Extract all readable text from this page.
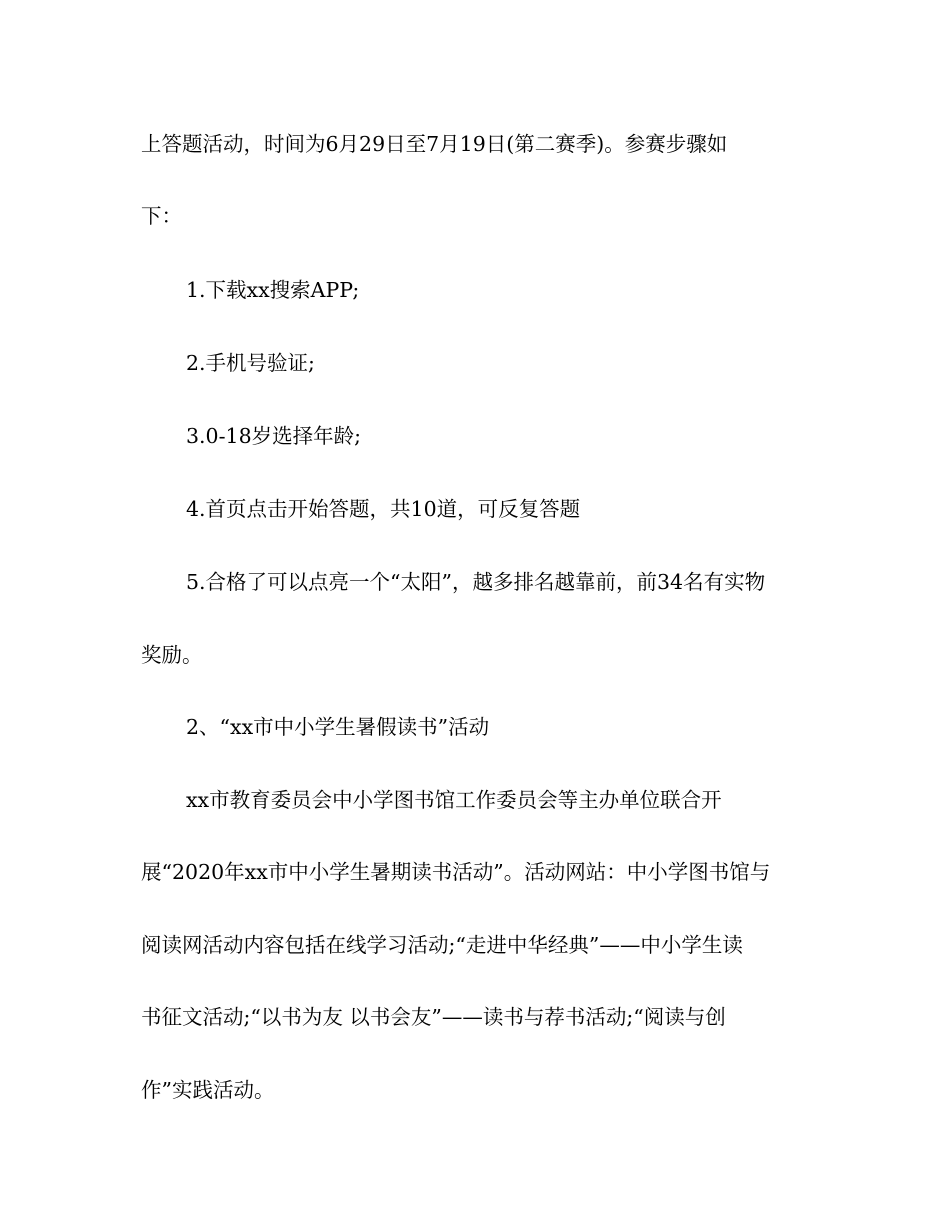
上答题活动，时间为6月29日至7月19日(第二赛季)。参赛步骤如
下：
1.下载xx搜索APP;
2.手机号验证;
3.0-18岁选择年龄;
4.首页点击开始答题，共10道，可反复答题
5.合格了可以点亮一个“太阳”，越多排名越靠前，前34名有实物
奖励。
2、“xx市中小学生暑假读书”活动
xx市教育委员会中小学图书馆工作委员会等主办单位联合开
展“2020年xx市中小学生暑期读书活动”。活动网站：中小学图书馆与
阅读网活动内容包括在线学习活动;“走进中华经典”——中小学生读
书征文活动;“以书为友 以书会友”——读书与荐书活动;“阅读与创
作”实践活动。
